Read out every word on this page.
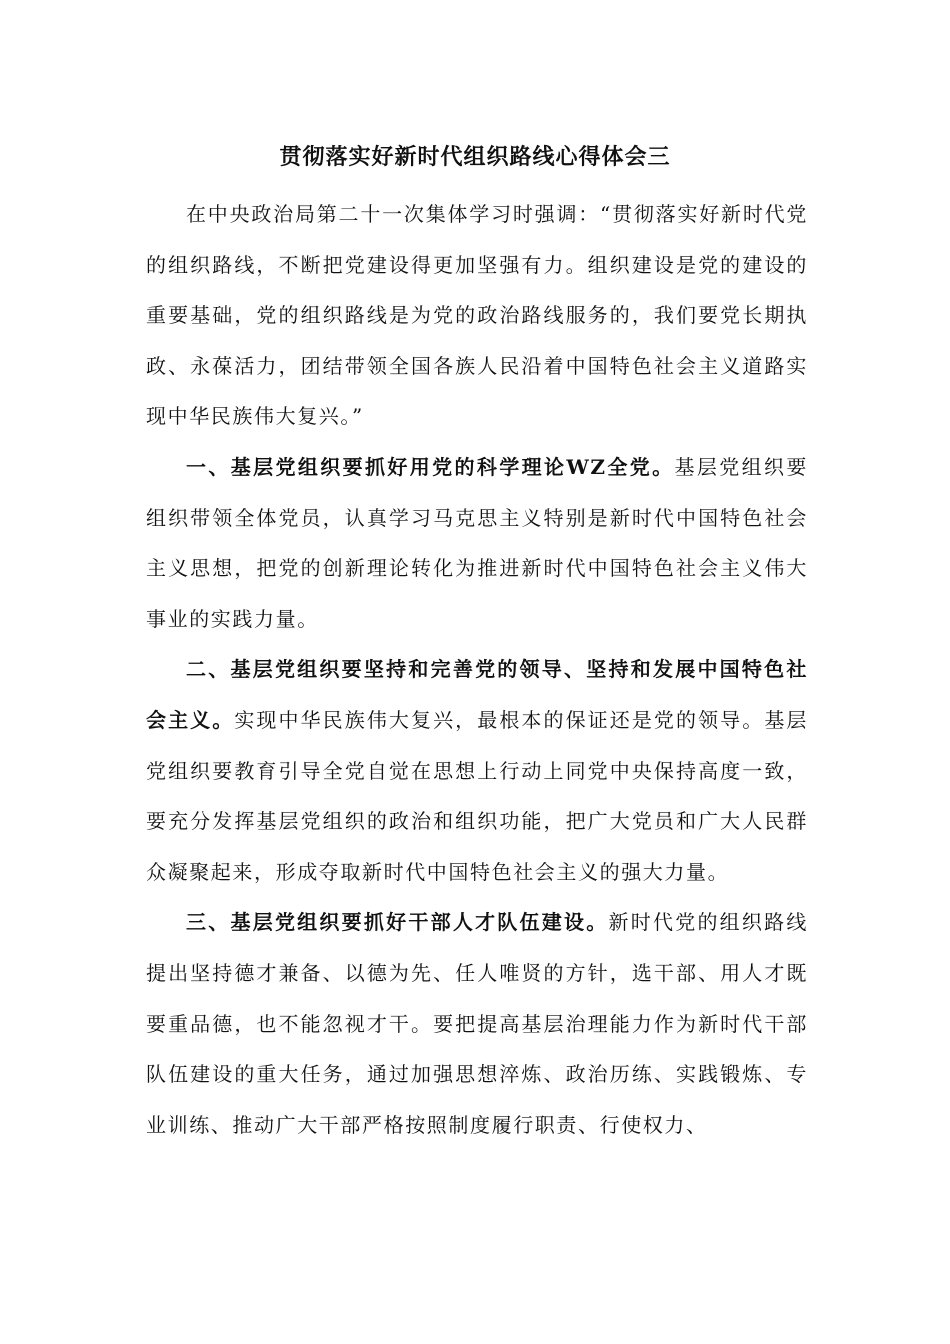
贯彻落实好新时代组织路线心得体会三

在中央政治局第二十一次集体学习时强调：“贯彻落实好新时代党的组织路线，不断把党建设得更加坚强有力。组织建设是党的建设的重要基础，党的组织路线是为党的政治路线服务的，我们要党长期执政、永葆活力，团结带领全国各族人民沿着中国特色社会主义道路实现中华民族伟大复兴。”

一、基层党组织要抓好用党的科学理论WZ全党。基层党组织要组织带领全体党员，认真学习马克思主义特别是新时代中国特色社会主义思想，把党的创新理论转化为推进新时代中国特色社会主义伟大事业的实践力量。

二、基层党组织要坚持和完善党的领导、坚持和发展中国特色社会主义。实现中华民族伟大复兴，最根本的保证还是党的领导。基层党组织要教育引导全党自觉在思想上行动上同党中央保持高度一致，要充分发挥基层党组织的政治和组织功能，把广大党员和广大人民群众凝聚起来，形成夺取新时代中国特色社会主义的强大力量。

三、基层党组织要抓好干部人才队伍建设。新时代党的组织路线提出坚持德才兼备、以德为先、任人唯贤的方针，选干部、用人才既要重品德，也不能忽视才干。要把提高基层治理能力作为新时代干部队伍建设的重大任务，通过加强思想淬炼、政治历练、实践锻炼、专业训练、推动广大干部严格按照制度履行职责、行使权力、
